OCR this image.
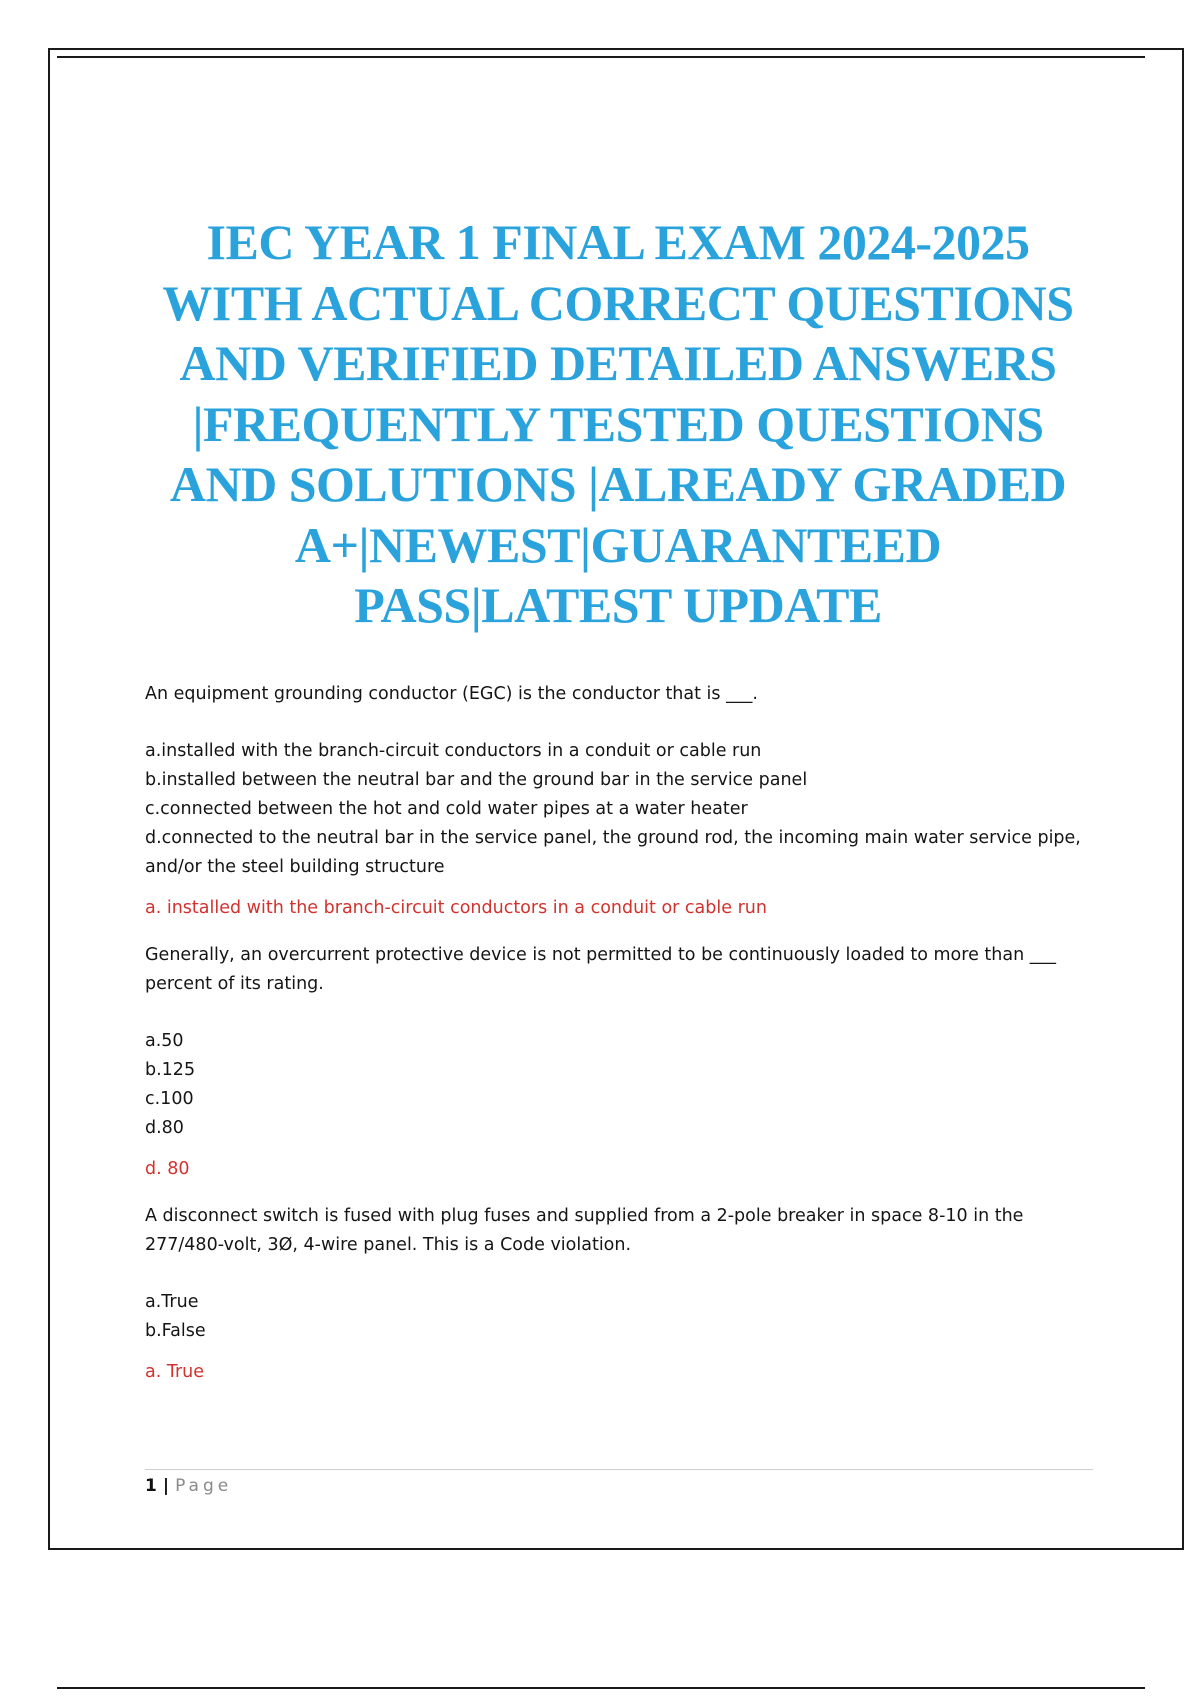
IEC YEAR 1 FINAL EXAM 2024-2025
WITH ACTUAL CORRECT QUESTIONS
AND VERIFIED DETAILED ANSWERS
|FREQUENTLY TESTED QUESTIONS
AND SOLUTIONS |ALREADY GRADED
A+|NEWEST|GUARANTEED
PASS|LATEST UPDATE

An equipment grounding conductor (EGC) is the conductor that is ___.

a.installed with the branch-circuit conductors in a conduit or cable run
b.installed between the neutral bar and the ground bar in the service panel
c.connected between the hot and cold water pipes at a water heater
d.connected to the neutral bar in the service panel, the ground rod, the incoming main water service pipe, and/or the steel building structure

a. installed with the branch-circuit conductors in a conduit or cable run

Generally, an overcurrent protective device is not permitted to be continuously loaded to more than ___ percent of its rating.

a.50
b.125
c.100
d.80

d. 80

A disconnect switch is fused with plug fuses and supplied from a 2-pole breaker in space 8-10 in the 277/480-volt, 3Ø, 4-wire panel. This is a Code violation.

a.True
b.False

a. True

1 | Page
